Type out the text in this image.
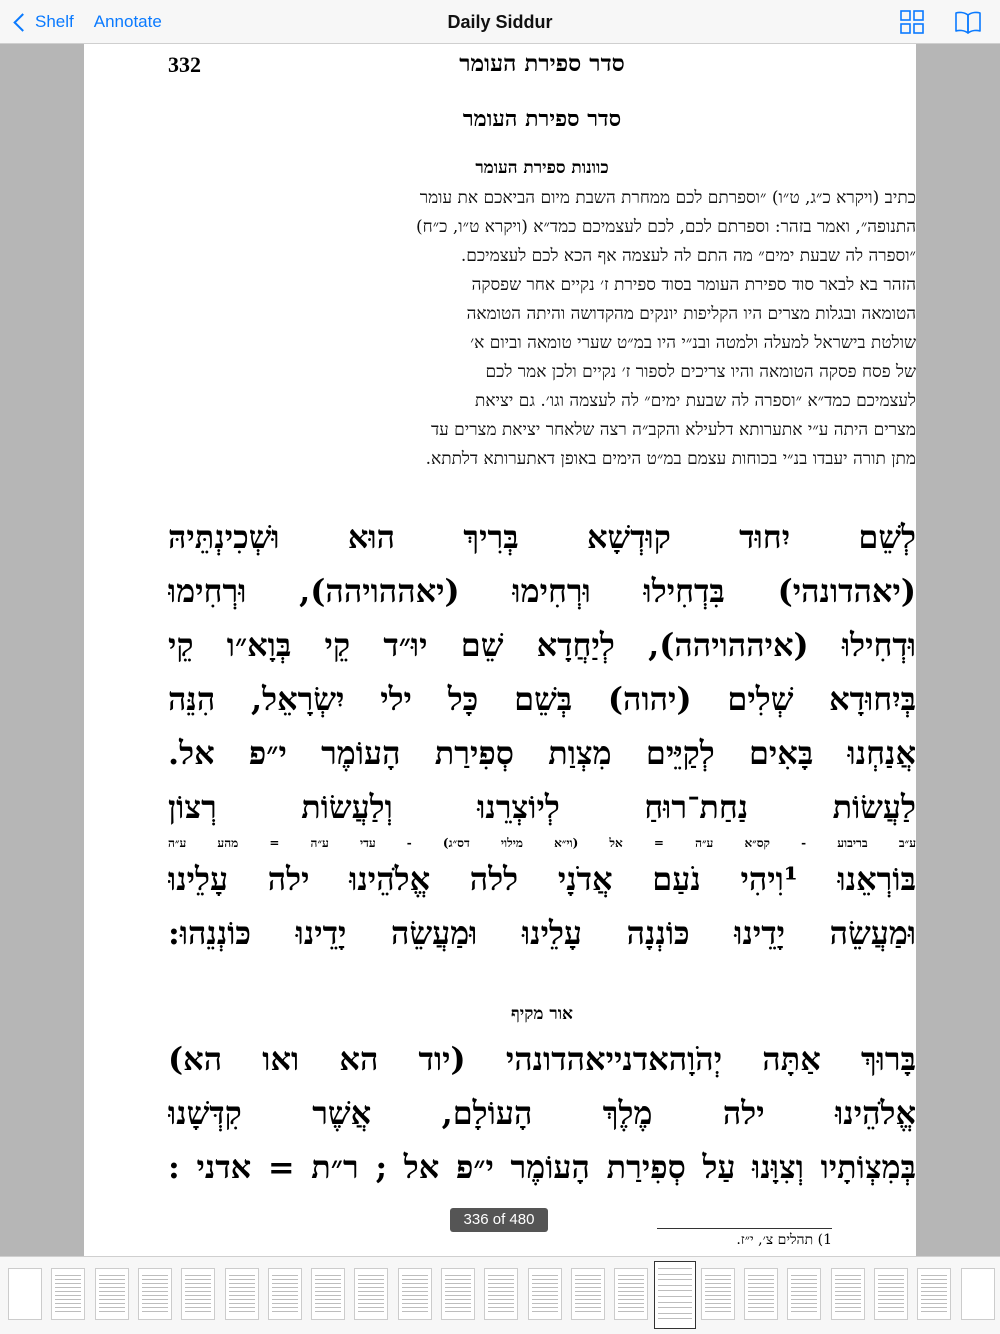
Shelf Annotate	Daily Siddur
332	סדר ספירת העומר
סדר ספירת העומר
כוונות ספירת העומר
כתיב (ויקרא כ״ג, ט״ו) ״וספרתם לכם ממחרת השבת מיום הביאכם את עומר
התנופה״, ואמר בזהר: וספרתם לכם, לכם לעצמיכם כמד״א (ויקרא ט״ו, כ״ח)
״וספרה לה שבעת ימים״ מה התם לה לעצמה אף הכא לכם לעצמיכם.
הזהר בא לבאר סוד ספירת העומר בסוד ספירת ז׳ נקיים אחר שפסקה
הטומאה ובגלות מצרים היו הקליפות יונקים מהקדושה והיתה הטומאה
שולטת בישראל למעלה ולמטה ובנ״י היו במ״ט שערי טומאה וביום א׳
של פסח פסקה הטומאה והיו צריכים לספור ז׳ נקיים ולכן אמר לכם
לעצמיכם כמד״א ״וספרה לה שבעת ימים״ לה לעצמה וגו׳. גם יציאת
מצרים היתה ע״י אתערותא דלעילא והקב״ה רצה שלאחר יציאת מצרים עד
מתן תורה יעבדו בנ״י בכוחות עצמם במ״ט הימים באופן דאתערותא דלתתא.
לְשֵׁם יִחוּד קוּדְשָׁא בְּרִיךְ הוּא וּשְׁכִינְתֵּיהּ
(יאהדונהי) בִּדְחִילוּ וּרְחִימוּ (יאההויהה), וּרְחִימוּ
וּדְחִילוּ (איההויהה), לְיַחֲדָא שֵׁם יוּ״ד קֵי בְּוָא״ו קֵי
בְּיִחוּדָא שְׁלִים (יהוה) בְּשֵׁם כָּל ילי יִשְׂרָאֵל, הִנֵּה
אֲנַחְנוּ בָּאִים לְקַיֵּים מִצְוַת סְפִירַת הָעוֹמֶר י״פ אל.
לַעֲשׂוֹת נַחַת־רוּחַ לְיוֹצְרֵנוּ וְלַעֲשׂוֹת רְצוֹן
ע״ב בריבוע - קס״א ע״ה = אל (וי״א מילוי דס״ג) - עדי ע״ה = מהע ע״ה
בּוֹרְאֵנוּ ¹וִיהִי נֹעַם אֲדֹנָי ללה אֱלֹהֵינוּ ילה עָלֵינוּ
וּמַעֲשֵׂה יָדֵינוּ כּוֹנְנָה עָלֵינוּ וּמַעֲשֵׂה יָדֵינוּ כּוֹנְנֵהוּ:
אור מקיף
בָּרוּךְ אַתָּה יְהֹוָהאדנייאהדונהי (יוד הא ואו הא)
אֱלֹהֵינוּ ילה מֶלֶךְ הָעוֹלָם, אֲשֶׁר קִדְּשָׁנוּ
בְּמִצְוֹתָיו וְצִוָּנוּ עַל סְפִירַת הָעוֹמֶר י״פ אל ; ר״ת = אדני :
1) תהלים צ׳, י״ז.
336 of 480
